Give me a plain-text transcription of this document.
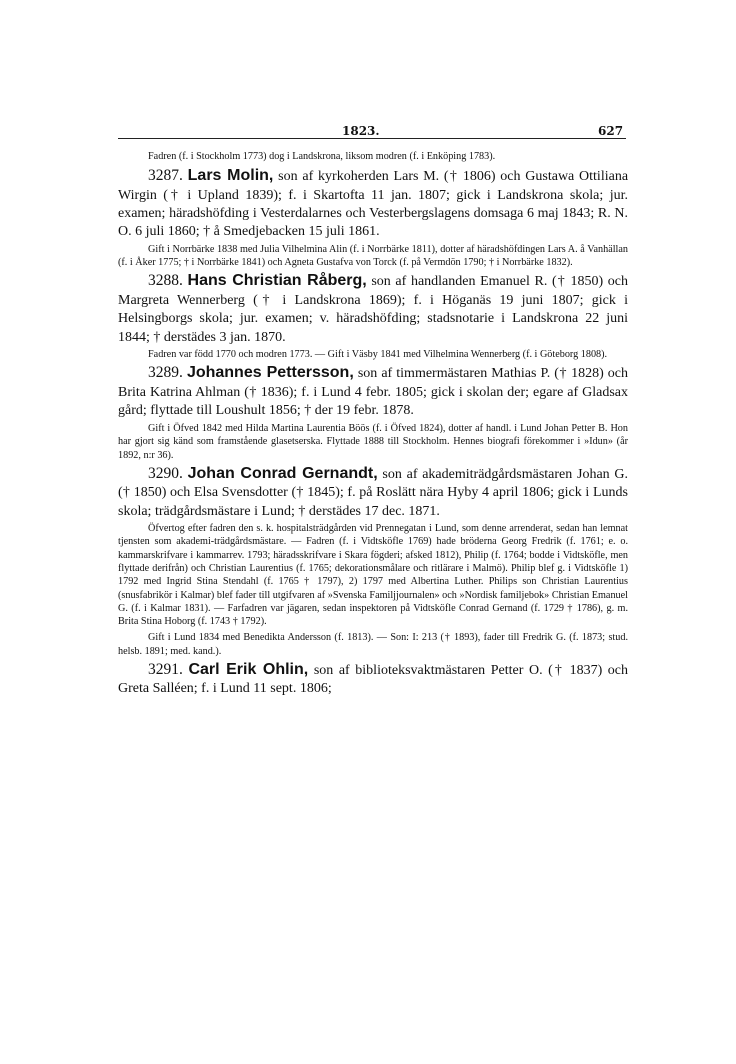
1823.	627

Fadren (f. i Stockholm 1773) dog i Landskrona, liksom modren (f. i Enköping 1783).

3287. Lars Molin, son af kyrkoherden Lars M. († 1806) och Gustawa Ottiliana Wirgin († i Upland 1839); f. i Skartofta 11 jan. 1807; gick i Landskrona skola; jur. examen; häradshöfding i Vesterdalarnes och Vesterbergslagens domsaga 6 maj 1843; R. N. O. 6 juli 1860; † å Smedjebacken 15 juli 1861.

Gift i Norrbärke 1838 med Julia Vilhelmina Alin (f. i Norrbärke 1811), dotter af häradshöfdingen Lars A. å Vanhällan (f. i Åker 1775; † i Norrbärke 1841) och Agneta Gustafva von Torck (f. på Vermdön 1790; † i Norrbärke 1832).

3288. Hans Christian Råberg, son af handlanden Emanuel R. († 1850) och Margreta Wennerberg († i Landskrona 1869); f. i Höganäs 19 juni 1807; gick i Helsingborgs skola; jur. examen; v. häradshöfding; stadsnotarie i Landskrona 22 juni 1844; † derstädes 3 jan. 1870.

Fadren var född 1770 och modren 1773. — Gift i Väsby 1841 med Vilhelmina Wennerberg (f. i Göteborg 1808).

3289. Johannes Pettersson, son af timmermästaren Mathias P. († 1828) och Brita Katrina Ahlman († 1836); f. i Lund 4 febr. 1805; gick i skolan der; egare af Gladsax gård; flyttade till Loushult 1856; † der 19 febr. 1878.

Gift i Öfved 1842 med Hilda Martina Laurentia Böös (f. i Öfved 1824), dotter af handl. i Lund Johan Petter B. Hon har gjort sig känd som framstående glasetserska. Flyttade 1888 till Stockholm. Hennes biografi förekommer i »Idun» (år 1892, n:r 36).

3290. Johan Conrad Gernandt, son af akademiträdgårdsmästaren Johan G. († 1850) och Elsa Svensdotter († 1845); f. på Roslätt nära Hyby 4 april 1806; gick i Lunds skola; trädgårdsmästare i Lund; † derstädes 17 dec. 1871.

Öfvertog efter fadren den s. k. hospitalsträdgården vid Prennegatan i Lund, som denne arrenderat, sedan han lemnat tjensten som akademi-trädgårdsmästare. — Fadren (f. i Vidtsköfle 1769) hade bröderna Georg Fredrik (f. 1761; e. o. kammarskrifvare i kammarrev. 1793; häradsskrifvare i Skara fögderi; afsked 1812), Philip (f. 1764; bodde i Vidtsköfle, men flyttade derifrån) och Christian Laurentius (f. 1765; dekorationsmålare och ritlärare i Malmö). Philip blef g. i Vidtsköfle 1) 1792 med Ingrid Stina Stendahl (f. 1765 † 1797), 2) 1797 med Albertina Luther. Philips son Christian Laurentius (snusfabrikör i Kalmar) blef fader till utgifvaren af »Svenska Familjjournalen» och »Nordisk familjebok» Christian Emanuel G. (f. i Kalmar 1831). — Farfadren var jägaren, sedan inspektoren på Vidtsköfle Conrad Gernand (f. 1729 † 1786), g. m. Brita Stina Hoborg (f. 1743 † 1792).

Gift i Lund 1834 med Benedikta Andersson (f. 1813). — Son: I: 213 († 1893), fader till Fredrik G. (f. 1873; stud. helsb. 1891; med. kand.).

3291. Carl Erik Ohlin, son af biblioteksvaktmästaren Petter O. († 1837) och Greta Salléen; f. i Lund 11 sept. 1806;
